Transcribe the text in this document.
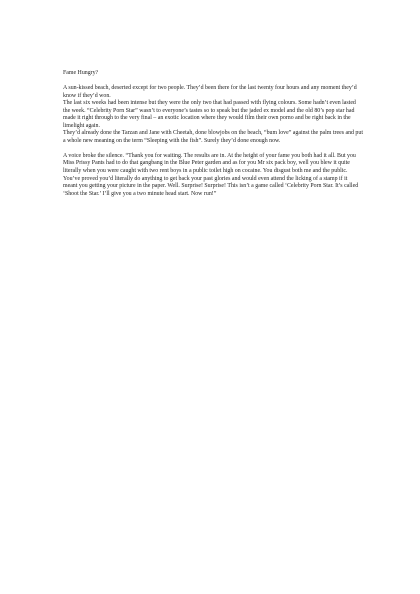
Fame Hungry?

A sun-kissed beach, deserted except for two people. They’d been there for the last twenty four hours and any moment they’d know if they’d won.

The last six weeks had been intense but they were the only two that had passed with flying colours. Some hadn’t even lasted the week. “Celebrity Porn Star” wasn’t to everyone’s tastes so to speak but the jaded ex model and the old 80’s pop star had made it right through to the very final – an exotic location where they would film their own porno and be right back in the limelight again.

They’d already done the Tarzan and Jane with Cheetah, done blowjobs on the beach, “bum love” against the palm trees and put a whole new meaning on the term “Sleeping with the fish”. Surely they’d done enough now.

A voice broke the silence. “Thank you for waiting. The results are in. At the height of your fame you both had it all. But you Miss Prissy Pants had to do that gangbang in the Blue Peter garden and as for you Mr six pack boy, well you blew it quite literally when you were caught with two rent boys in a public toilet high on cocaine. You disgust both me and the public. You’ve proved you’d literally do anything to get back your past glories and would even attend the licking of a stamp if it meant you getting your picture in the paper. Well. Surprise! Surprise! This isn’t a game called ‘Celebrity Porn Star. It’s called ‘Shoot the Star.’ I’ll give you a two minute head start. Now run!”
